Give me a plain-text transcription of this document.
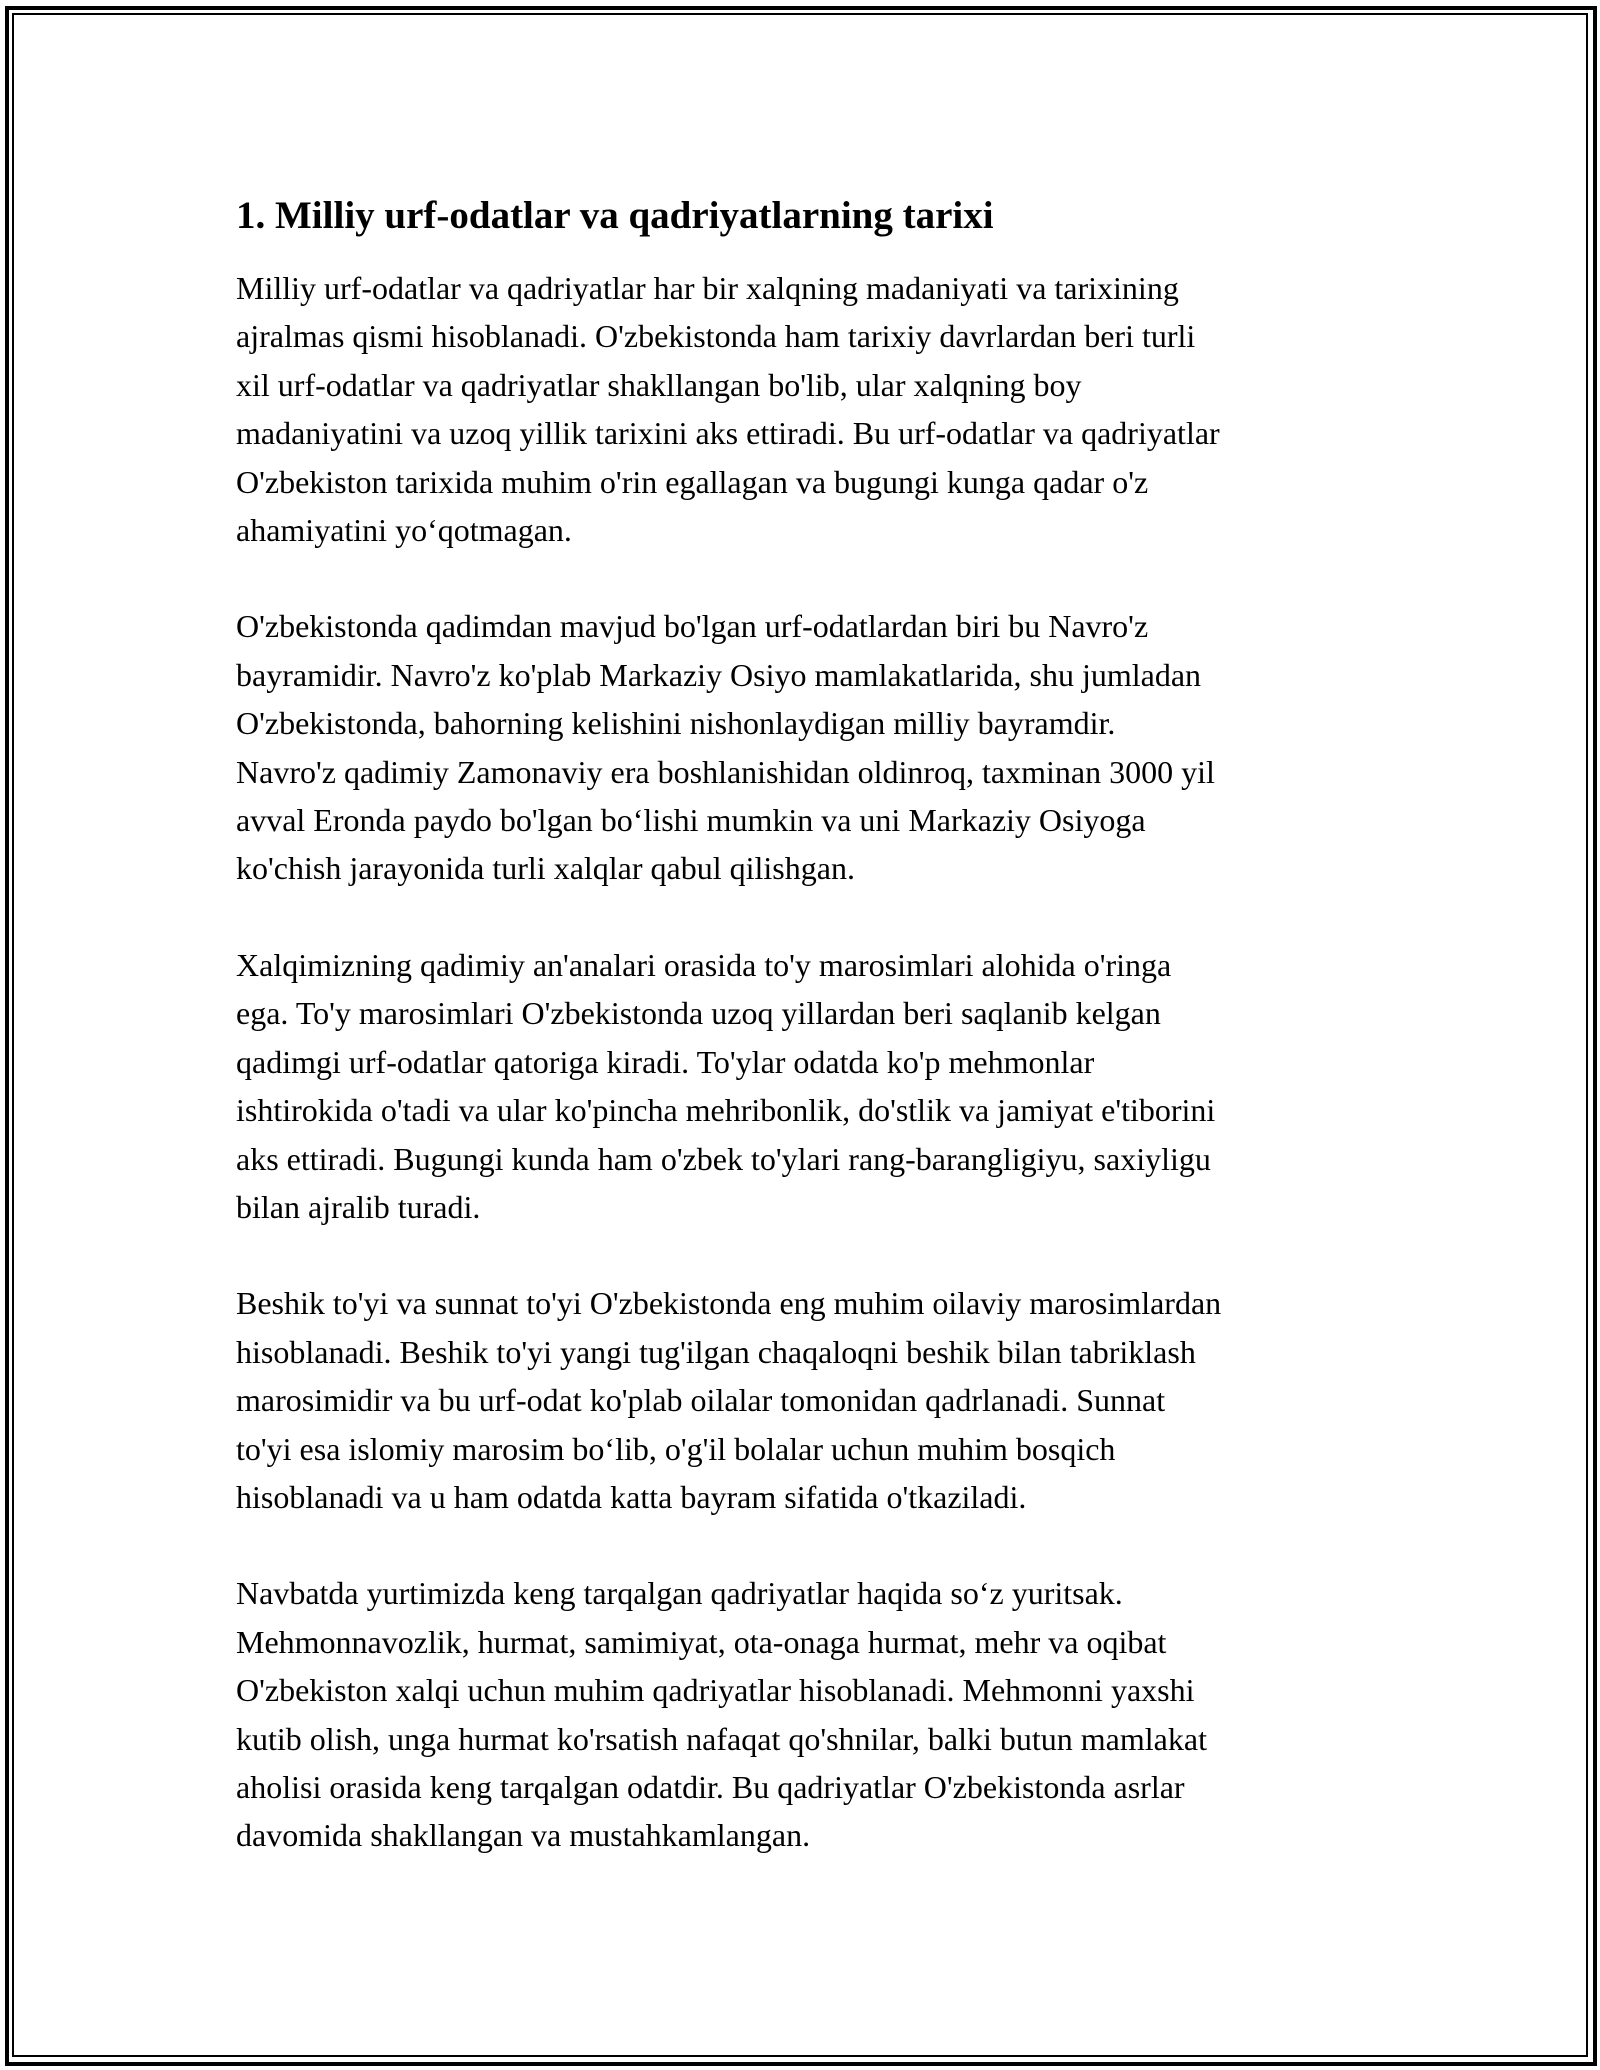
1. Milliy urf-odatlar va qadriyatlarning tarixi

Milliy urf-odatlar va qadriyatlar har bir xalqning madaniyati va tarixining
ajralmas qismi hisoblanadi. O'zbekistonda ham tarixiy davrlardan beri turli
xil urf-odatlar va qadriyatlar shakllangan bo'lib, ular xalqning boy
madaniyatini va uzoq yillik tarixini aks ettiradi. Bu urf-odatlar va qadriyatlar
O'zbekiston tarixida muhim o'rin egallagan va bugungi kunga qadar o'z
ahamiyatini yo‘qotmagan.

O'zbekistonda qadimdan mavjud bo'lgan urf-odatlardan biri bu Navro'z
bayramidir. Navro'z ko'plab Markaziy Osiyo mamlakatlarida, shu jumladan
O'zbekistonda, bahorning kelishini nishonlaydigan milliy bayramdir.
Navro'z qadimiy Zamonaviy era boshlanishidan oldinroq, taxminan 3000 yil
avval Eronda paydo bo'lgan bo‘lishi mumkin va uni Markaziy Osiyoga
ko'chish jarayonida turli xalqlar qabul qilishgan.

Xalqimizning qadimiy an'analari orasida to'y marosimlari alohida o'ringa
ega. To'y marosimlari O'zbekistonda uzoq yillardan beri saqlanib kelgan
qadimgi urf-odatlar qatoriga kiradi. To'ylar odatda ko'p mehmonlar
ishtirokida o'tadi va ular ko'pincha mehribonlik, do'stlik va jamiyat e'tiborini
aks ettiradi. Bugungi kunda ham o'zbek to'ylari rang-barangligiyu, saxiyligu
bilan ajralib turadi.

Beshik to'yi va sunnat to'yi O'zbekistonda eng muhim oilaviy marosimlardan
hisoblanadi. Beshik to'yi yangi tug'ilgan chaqaloqni beshik bilan tabriklash
marosimidir va bu urf-odat ko'plab oilalar tomonidan qadrlanadi. Sunnat
to'yi esa islomiy marosim bo‘lib, o'g'il bolalar uchun muhim bosqich
hisoblanadi va u ham odatda katta bayram sifatida o'tkaziladi.

Navbatda yurtimizda keng tarqalgan qadriyatlar haqida so‘z yuritsak.
Mehmonnavozlik, hurmat, samimiyat, ota-onaga hurmat, mehr va oqibat
O'zbekiston xalqi uchun muhim qadriyatlar hisoblanadi. Mehmonni yaxshi
kutib olish, unga hurmat ko'rsatish nafaqat qo'shnilar, balki butun mamlakat
aholisi orasida keng tarqalgan odatdir. Bu qadriyatlar O'zbekistonda asrlar
davomida shakllangan va mustahkamlangan.
